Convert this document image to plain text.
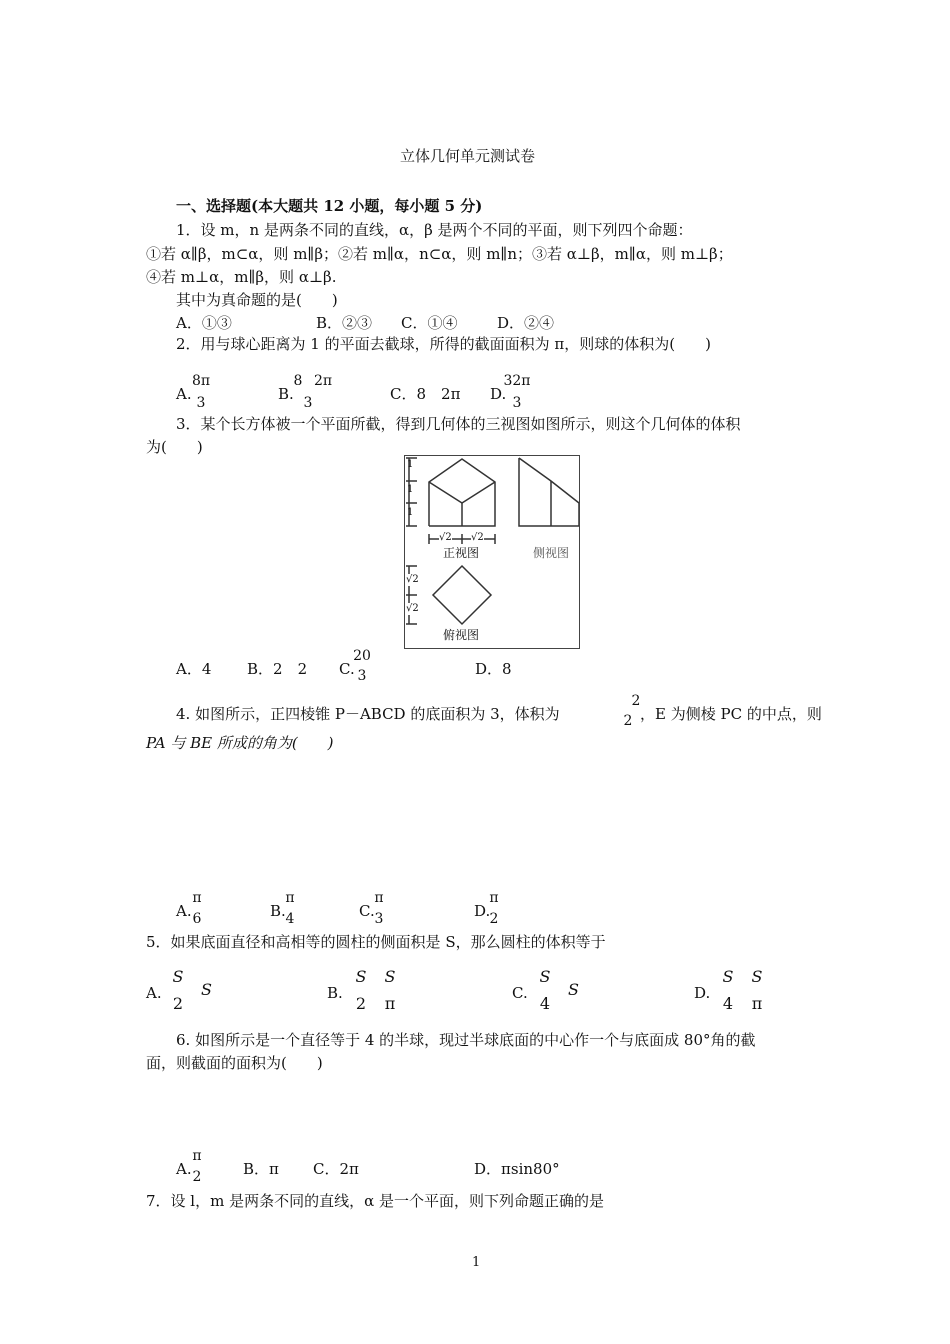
立体几何单元测试卷
一、选择题(本大题共 12 小题，每小题 5 分)
1．设 m，n 是两条不同的直线，α，β 是两个不同的平面，则下列四个命题：
①若 α∥β，m⊂α，则 m∥β；②若 m∥α，n⊂α，则 m∥n；③若 α⊥β，m∥α，则 m⊥β；
④若 m⊥α，m∥β，则 α⊥β.
其中为真命题的是(　　)
A．①③	B．②③ C．①④	D．②④
2．用与球心距离为 1 的平面去截球，所得的截面面积为 π，则球的体积为(　　)
A.
8π
3	B.
8
3
2π
C．8　2π D.
32π
3
3．某个长方体被一个平面所截，得到几何体的三视图如图所示，则这个几何体的体积
为(　　)
1
1
1
√2 √2
正视图	侧视图
√2
√2
俯视图
A．4 B．2　2 C.
20
3	D．8
4. 如图所示，正四棱锥 P－ABCD 的底面积为 3，体积为
2
2 ，E 为侧棱 PC 的中点，则
PA 与 BE 所成的角为(　　)
A.
π
6	B.
π
4	C.
π
3	D.
π
2
5．如果底面直径和高相等的圆柱的侧面积是 S，那么圆柱的体积等于
A.
S
2
S	B.
S
2
S
π
C.
S
4
S	D.
S
4
S
π
6. 如图所示是一个直径等于 4 的半球，现过半球底面的中心作一个与底面成 80°角的截
面，则截面的面积为(　　)
A.
π
2	B．π C．2π	D．πsin80°
7．设 l，m 是两条不同的直线，α 是一个平面，则下列命题正确的是
1
